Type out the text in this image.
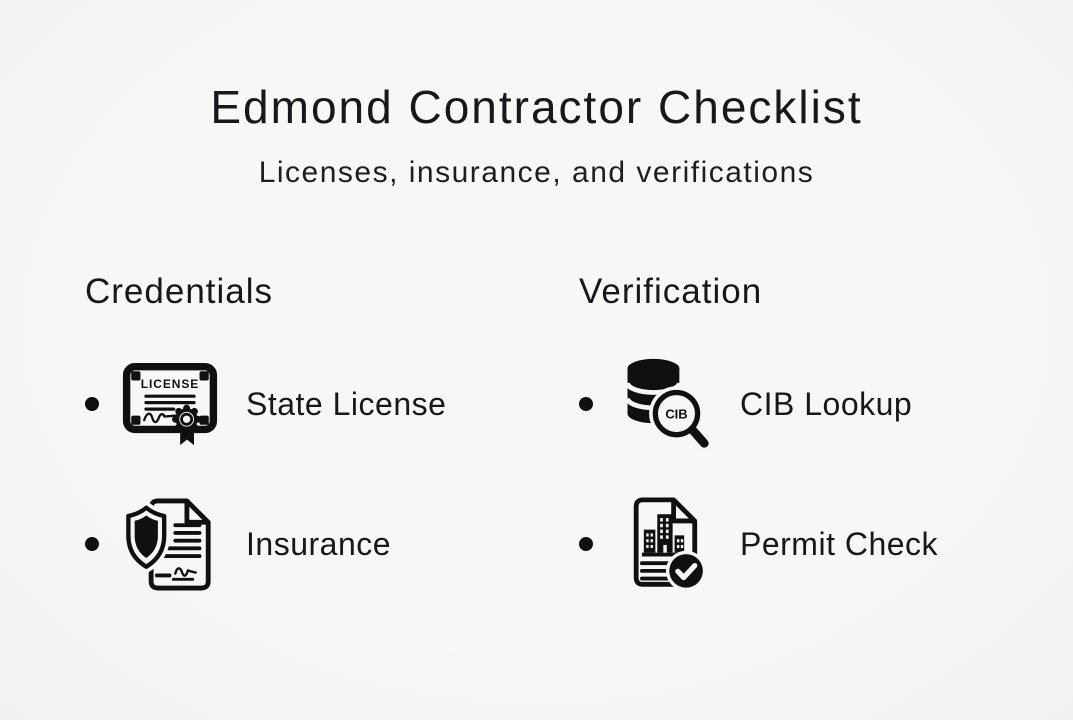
Edmond Contractor Checklist

Licenses, insurance, and verifications

Credentials
LICENSE
State License
Insurance
Verification
CIB CIB Lookup
Permit Check
